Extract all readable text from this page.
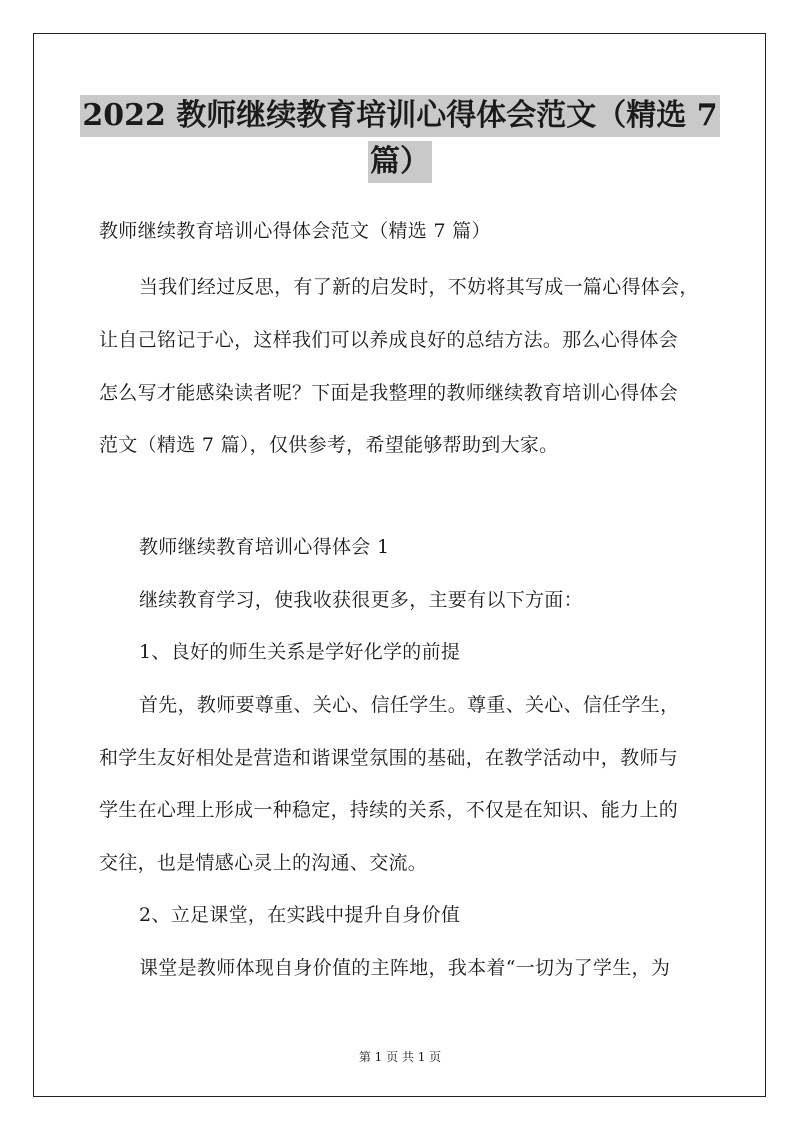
2022 教师继续教育培训心得体会范文（精选 7
篇）
教师继续教育培训心得体会范文（精选 7 篇）
当我们经过反思，有了新的启发时，不妨将其写成一篇心得体会，
让自己铭记于心，这样我们可以养成良好的总结方法。那么心得体会
怎么写才能感染读者呢？下面是我整理的教师继续教育培训心得体会
范文（精选 7 篇），仅供参考，希望能够帮助到大家。
教师继续教育培训心得体会 1
继续教育学习，使我收获很更多，主要有以下方面：
1、良好的师生关系是学好化学的前提
首先，教师要尊重、关心、信任学生。尊重、关心、信任学生，
和学生友好相处是营造和谐课堂氛围的基础，在教学活动中，教师与
学生在心理上形成一种稳定，持续的关系，不仅是在知识、能力上的
交往，也是情感心灵上的沟通、交流。
2、立足课堂，在实践中提升自身价值
课堂是教师体现自身价值的主阵地，我本着“一切为了学生，为
第 1 页 共 1 页
